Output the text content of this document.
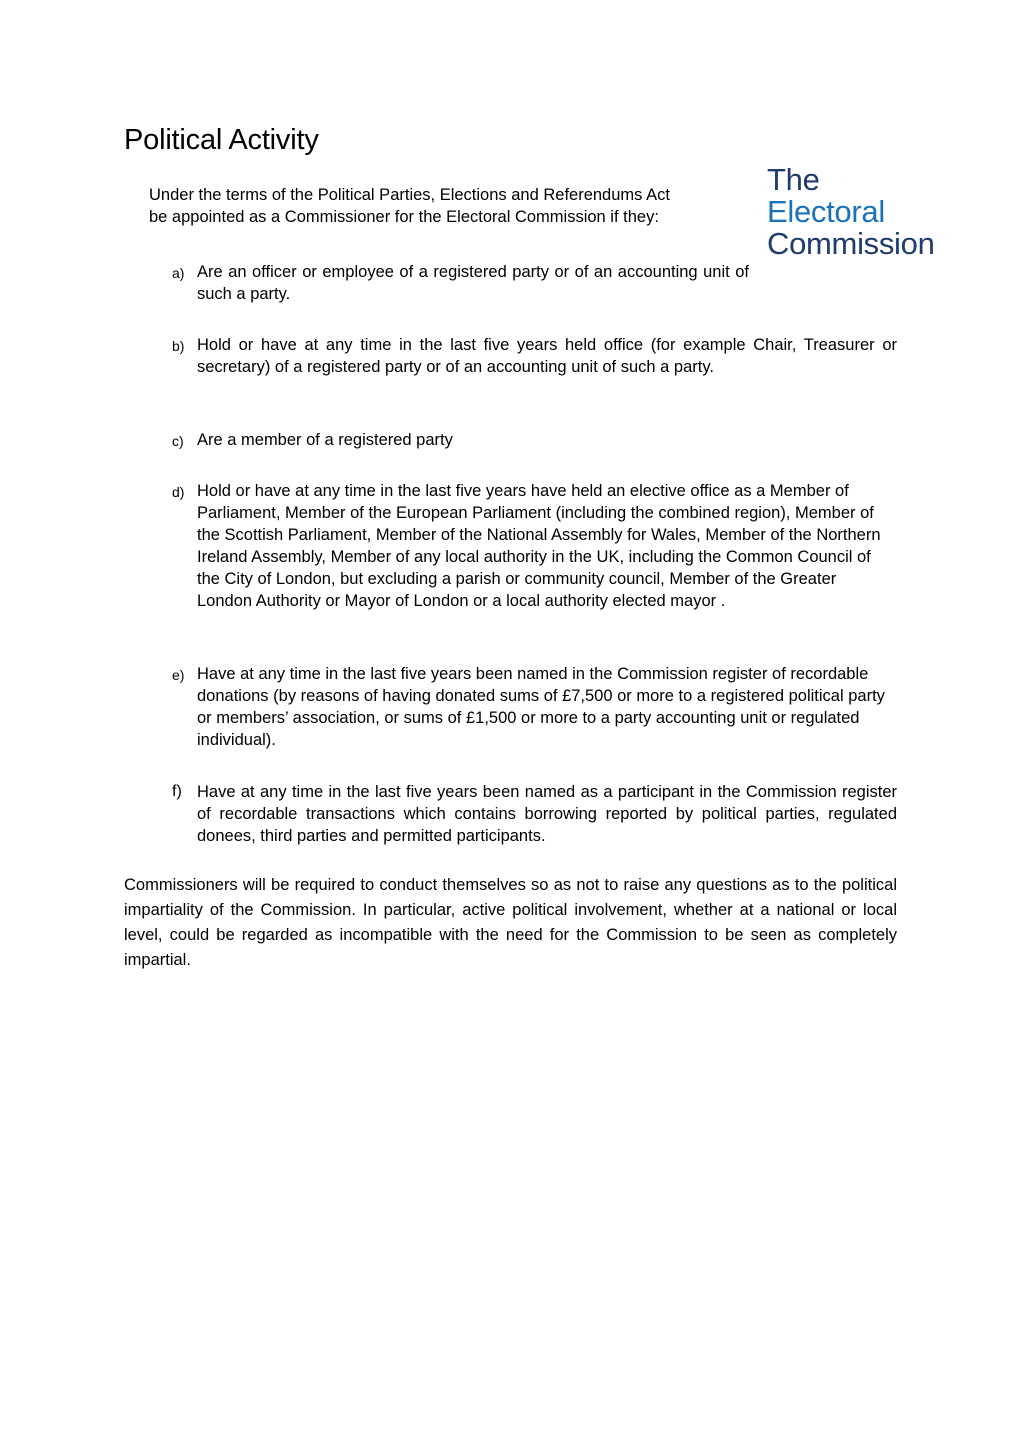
Political Activity
The
Electoral
Commission

Under the terms of the Political Parties, Elections and Referendums Act
be appointed as a Commissioner for the Electoral Commission if they:

a) Are an officer or employee of a registered party or of an accounting unit of such a party.

b) Hold or have at any time in the last five years held office (for example Chair, Treasurer or secretary) of a registered party or of an accounting unit of such a party.

c) Are a member of a registered party

d) Hold or have at any time in the last five years have held an elective office as a Member of Parliament, Member of the European Parliament (including the combined region), Member of the Scottish Parliament, Member of the National Assembly for Wales, Member of the Northern Ireland Assembly, Member of any local authority in the UK, including the Common Council of the City of London, but excluding a parish or community council, Member of the Greater London Authority or Mayor of London or a local authority elected mayor .

e) Have at any time in the last five years been named in the Commission register of recordable donations (by reasons of having donated sums of £7,500 or more to a registered political party or members’ association, or sums of £1,500 or more to a party accounting unit or regulated individual).

f) Have at any time in the last five years been named as a participant in the Commission register of recordable transactions which contains borrowing reported by political parties, regulated donees, third parties and permitted participants.

Commissioners will be required to conduct themselves so as not to raise any questions as to the political impartiality of the Commission. In particular, active political involvement, whether at a national or local level, could be regarded as incompatible with the need for the Commission to be seen as completely impartial.
